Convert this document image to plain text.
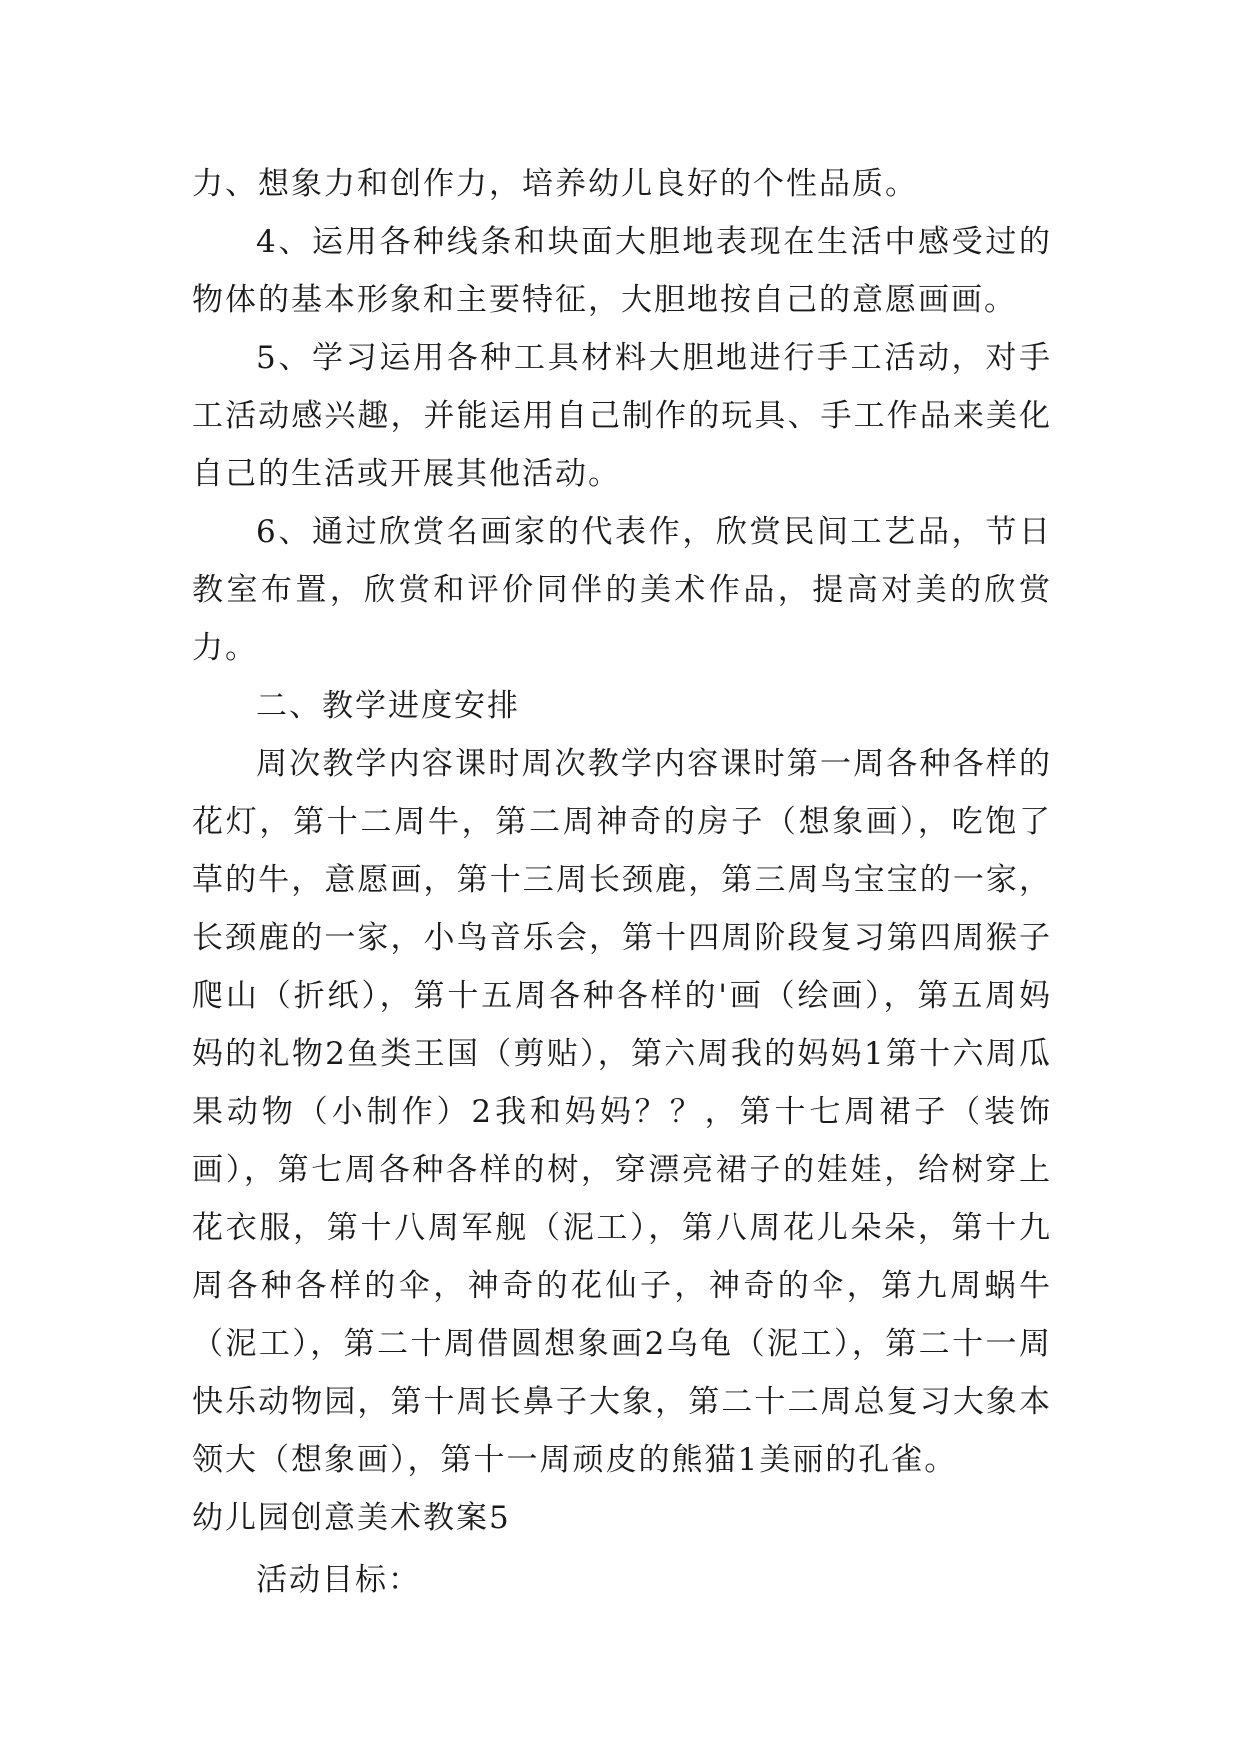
力、想象力和创作力，培养幼儿良好的个性品质。

4、运用各种线条和块面大胆地表现在生活中感受过的物体的基本形象和主要特征，大胆地按自己的意愿画画。

5、学习运用各种工具材料大胆地进行手工活动，对手工活动感兴趣，并能运用自己制作的玩具、手工作品来美化自己的生活或开展其他活动。

6、通过欣赏名画家的代表作，欣赏民间工艺品，节日教室布置，欣赏和评价同伴的美术作品，提高对美的欣赏力。

二、教学进度安排

周次教学内容课时周次教学内容课时第一周各种各样的花灯，第十二周牛，第二周神奇的房子（想象画），吃饱了草的牛，意愿画，第十三周长颈鹿，第三周鸟宝宝的一家，长颈鹿的一家，小鸟音乐会，第十四周阶段复习第四周猴子爬山（折纸），第十五周各种各样的'画（绘画），第五周妈妈的礼物2鱼类王国（剪贴），第六周我的妈妈1第十六周瓜果动物（小制作）2我和妈妈？？，第十七周裙子（装饰画），第七周各种各样的树，穿漂亮裙子的娃娃，给树穿上花衣服，第十八周军舰（泥工），第八周花儿朵朵，第十九周各种各样的伞，神奇的花仙子，神奇的伞，第九周蜗牛（泥工），第二十周借圆想象画2乌龟（泥工），第二十一周快乐动物园，第十周长鼻子大象，第二十二周总复习大象本领大（想象画），第十一周顽皮的熊猫1美丽的孔雀。

幼儿园创意美术教案5

活动目标：
